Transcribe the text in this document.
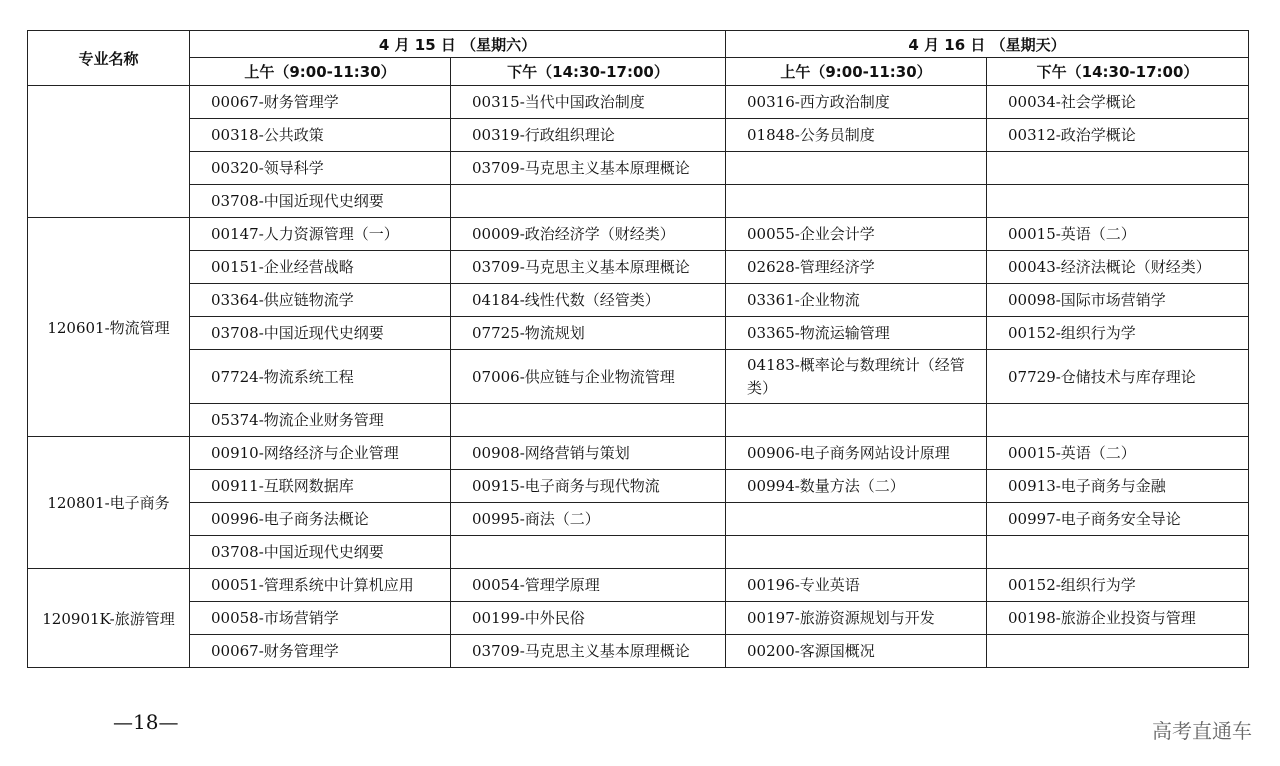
专业名称	4 月 15 日 （星期六）		4 月 16 日 （星期天）	
	上午（9:00-11:30）	下午（14:30-17:00）	上午（9:00-11:30）	下午（14:30-17:00）
	00067-财务管理学	00315-当代中国政治制度	00316-西方政治制度	00034-社会学概论
	00318-公共政策	00319-行政组织理论	01848-公务员制度	00312-政治学概论
	00320-领导科学	03709-马克思主义基本原理概论		
	03708-中国近现代史纲要			
120601-物流管理	00147-人力资源管理（一）	00009-政治经济学（财经类）	00055-企业会计学	00015-英语（二）
	00151-企业经营战略	03709-马克思主义基本原理概论	02628-管理经济学	00043-经济法概论（财经类）
	03364-供应链物流学	04184-线性代数（经管类）	03361-企业物流	00098-国际市场营销学
	03708-中国近现代史纲要	07725-物流规划	03365-物流运输管理	00152-组织行为学
	07724-物流系统工程	07006-供应链与企业物流管理	04183-概率论与数理统计（经管类）	07729-仓储技术与库存理论
	05374-物流企业财务管理			
120801-电子商务	00910-网络经济与企业管理	00908-网络营销与策划	00906-电子商务网站设计原理	00015-英语（二）
	00911-互联网数据库	00915-电子商务与现代物流	00994-数量方法（二）	00913-电子商务与金融
	00996-电子商务法概论	00995-商法（二）		00997-电子商务安全导论
	03708-中国近现代史纲要			
120901K-旅游管理	00051-管理系统中计算机应用	00054-管理学原理	00196-专业英语	00152-组织行为学
	00058-市场营销学	00199-中外民俗	00197-旅游资源规划与开发	00198-旅游企业投资与管理
	00067-财务管理学	03709-马克思主义基本原理概论	00200-客源国概况	
—18—	高考直通车
